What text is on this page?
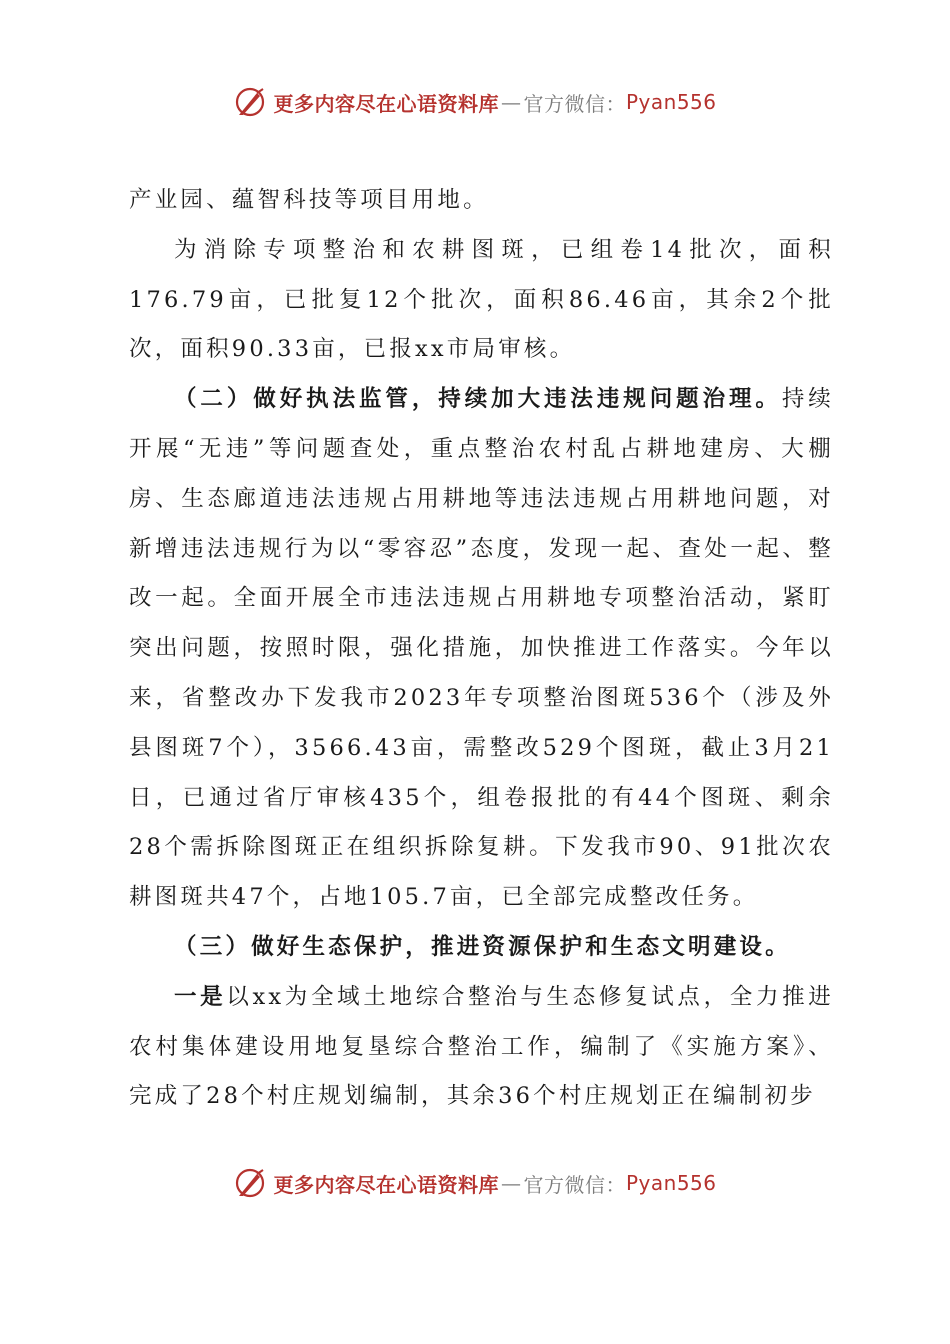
更多内容尽在心语资料库 — 官方微信： Pyan556

产业园、蕴智科技等项目用地。

为消除专项整治和农耕图斑，已组卷14批次，面积176.79亩，已批复12个批次，面积86.46亩，其余2个批次，面积90.33亩，已报xx市局审核。

（二）做好执法监管，持续加大违法违规问题治理。持续开展“无违”等问题查处，重点整治农村乱占耕地建房、大棚房、生态廊道违法违规占用耕地等违法违规占用耕地问题，对新增违法违规行为以“零容忍”态度，发现一起、查处一起、整改一起。全面开展全市违法违规占用耕地专项整治活动，紧盯突出问题，按照时限，强化措施，加快推进工作落实。今年以来，省整改办下发我市2023年专项整治图斑536个（涉及外县图斑7个），3566.43亩，需整改529个图斑，截止3月21日，已通过省厅审核435个，组卷报批的有44个图斑、剩余28个需拆除图斑正在组织拆除复耕。下发我市90、91批次农耕图斑共47个，占地105.7亩，已全部完成整改任务。

（三）做好生态保护，推进资源保护和生态文明建设。

一是以xx为全域土地综合整治与生态修复试点，全力推进农村集体建设用地复垦综合整治工作，编制了《实施方案》、完成了28个村庄规划编制，其余36个村庄规划正在编制初步

更多内容尽在心语资料库 — 官方微信： Pyan556
